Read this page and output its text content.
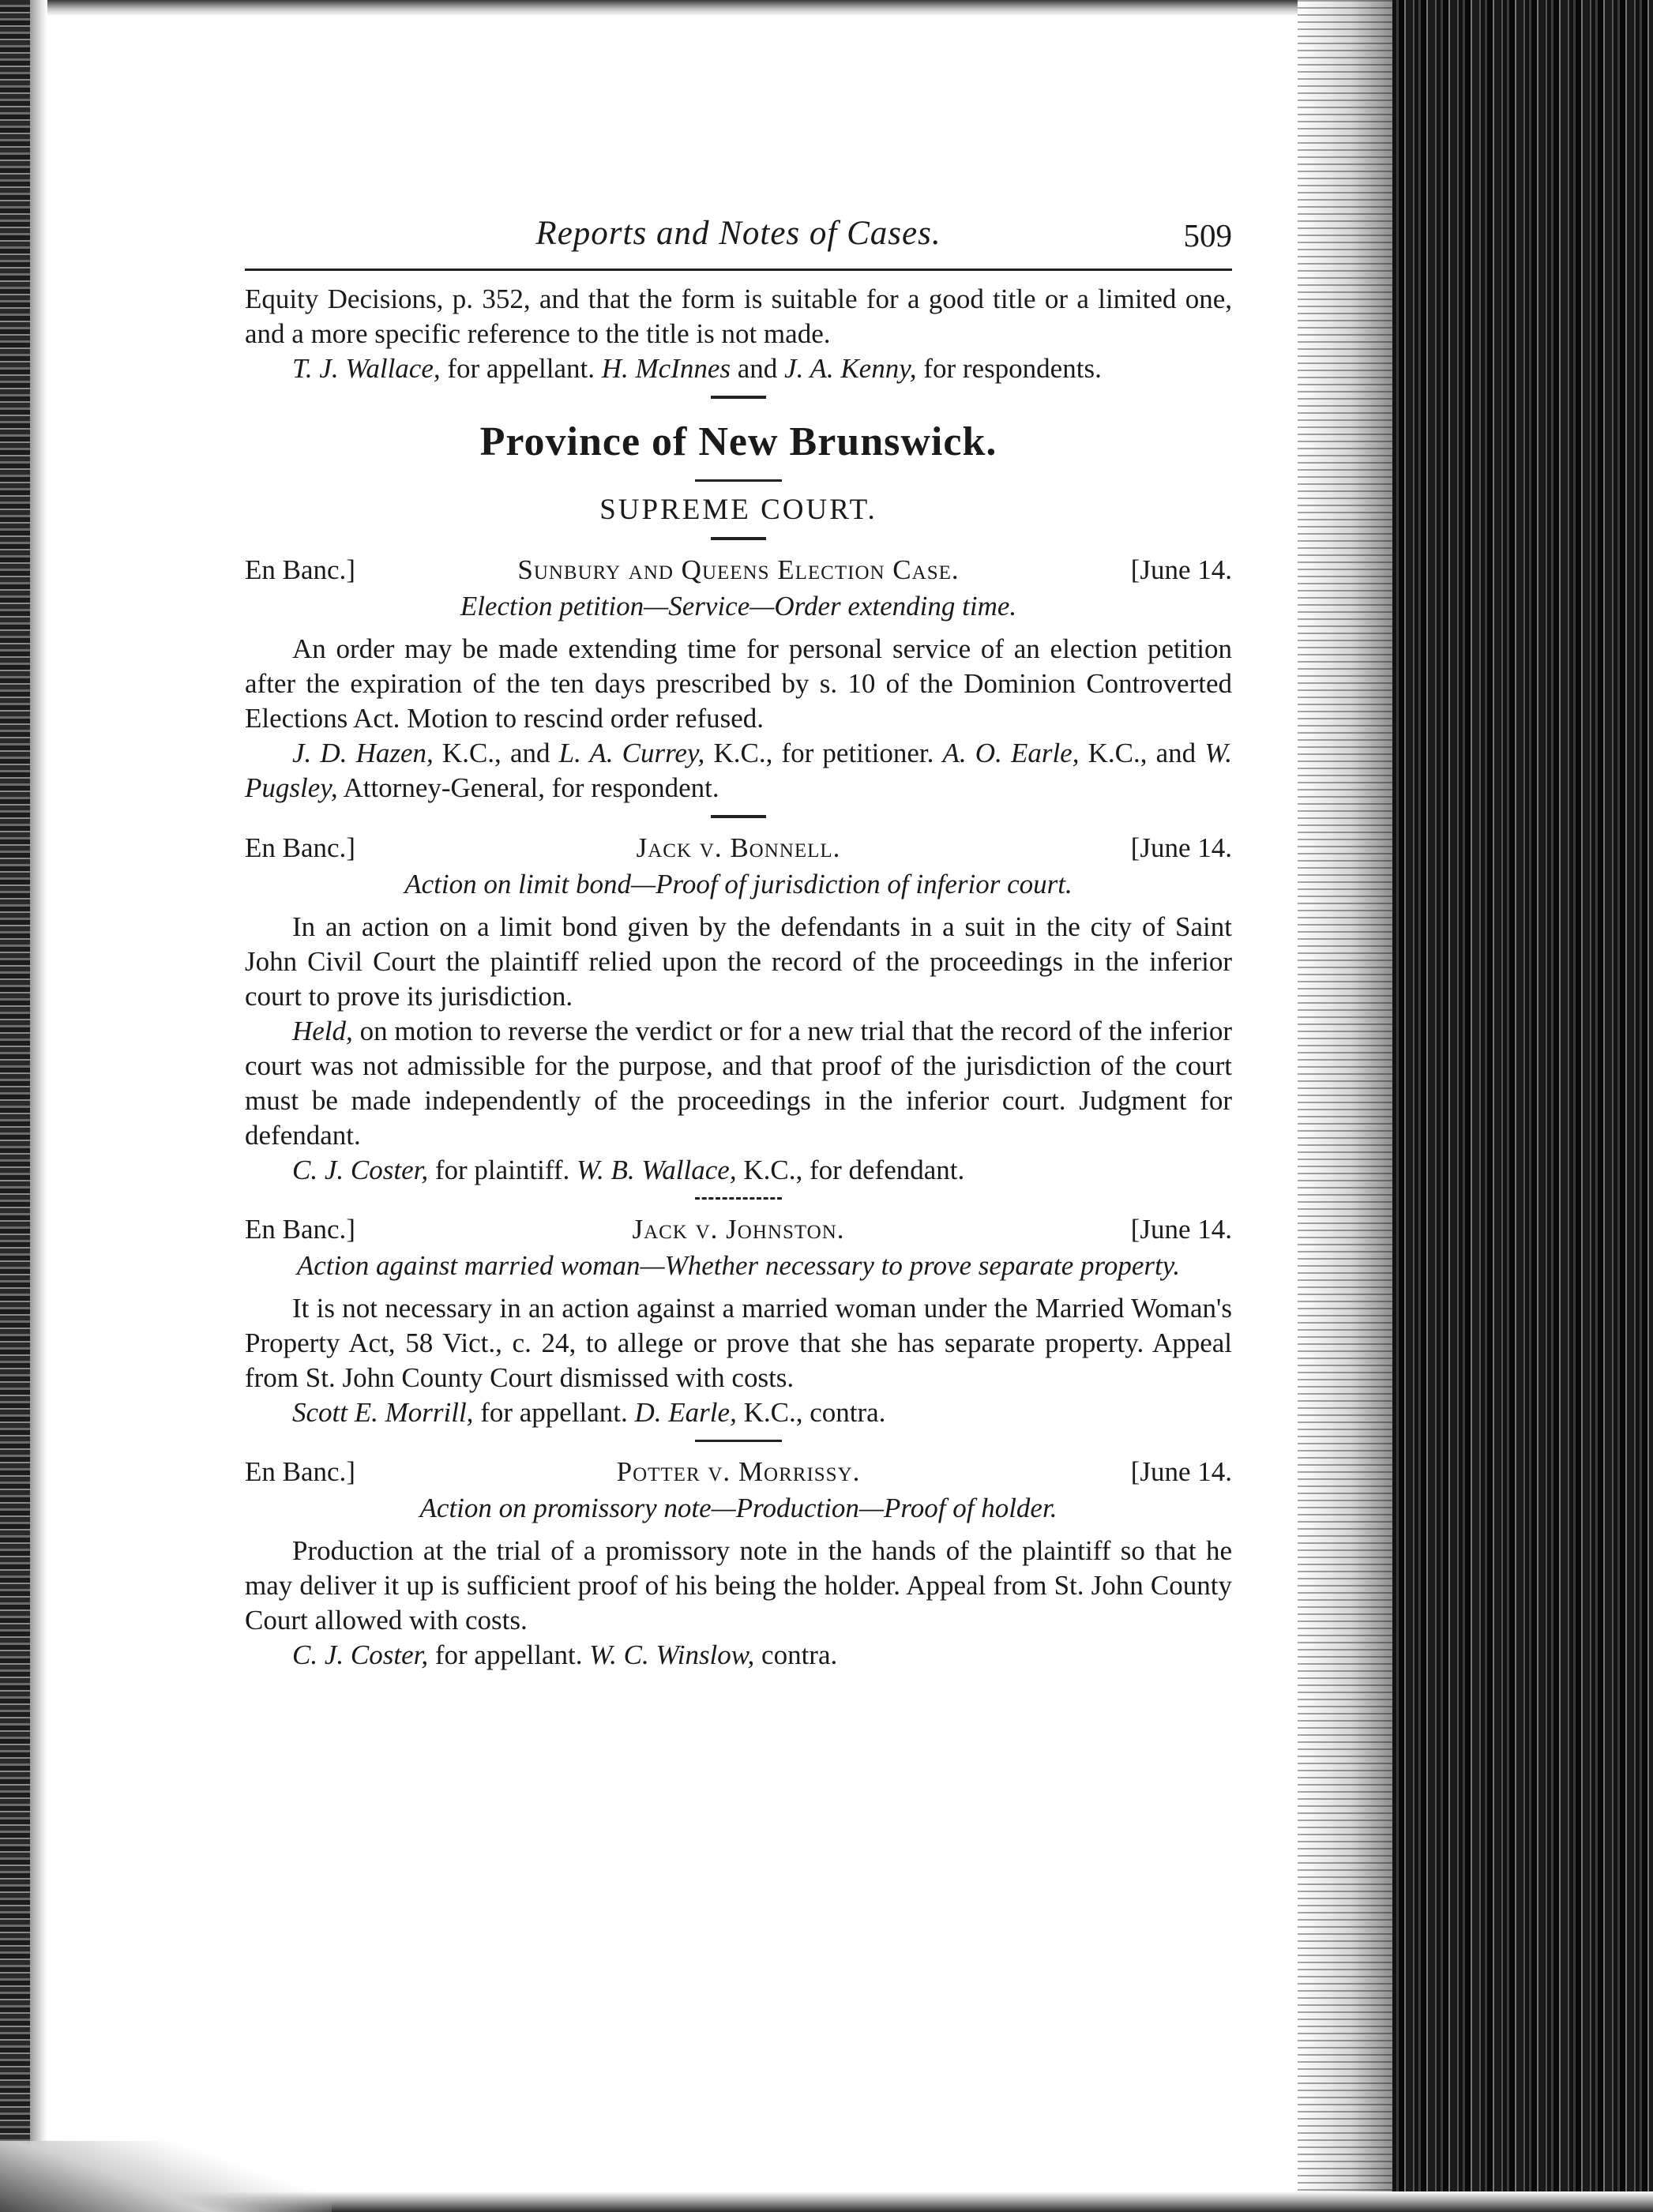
Reports and Notes of Cases.	509

Equity Decisions, p. 352, and that the form is suitable for a good title or a limited one, and a more specific reference to the title is not made.

T. J. Wallace, for appellant. H. McInnes and J. A. Kenny, for respondents.

Province of New Brunswick.
SUPREME COURT.
En Banc.]	Sunbury and Queens Election Case.	[June 14.
Election petition—Service—Order extending time.

An order may be made extending time for personal service of an election petition after the expiration of the ten days prescribed by s. 10 of the Dominion Controverted Elections Act. Motion to rescind order refused.

J. D. Hazen, K.C., and L. A. Currey, K.C., for petitioner. A. O. Earle, K.C., and W. Pugsley, Attorney-General, for respondent.

En Banc.]	Jack v. Bonnell.	[June 14.
Action on limit bond—Proof of jurisdiction of inferior court.

In an action on a limit bond given by the defendants in a suit in the city of Saint John Civil Court the plaintiff relied upon the record of the proceedings in the inferior court to prove its jurisdiction.

Held, on motion to reverse the verdict or for a new trial that the record of the inferior court was not admissible for the purpose, and that proof of the jurisdiction of the court must be made independently of the proceedings in the inferior court. Judgment for defendant.

C. J. Coster, for plaintiff. W. B. Wallace, K.C., for defendant.

En Banc.]	Jack v. Johnston.	[June 14.
Action against married woman—Whether necessary to prove separate property.

It is not necessary in an action against a married woman under the Married Woman's Property Act, 58 Vict., c. 24, to allege or prove that she has separate property. Appeal from St. John County Court dismissed with costs.

Scott E. Morrill, for appellant. D. Earle, K.C., contra.

En Banc.]	Potter v. Morrissy.	[June 14.
Action on promissory note—Production—Proof of holder.

Production at the trial of a promissory note in the hands of the plaintiff so that he may deliver it up is sufficient proof of his being the holder. Appeal from St. John County Court allowed with costs.

C. J. Coster, for appellant. W. C. Winslow, contra.
